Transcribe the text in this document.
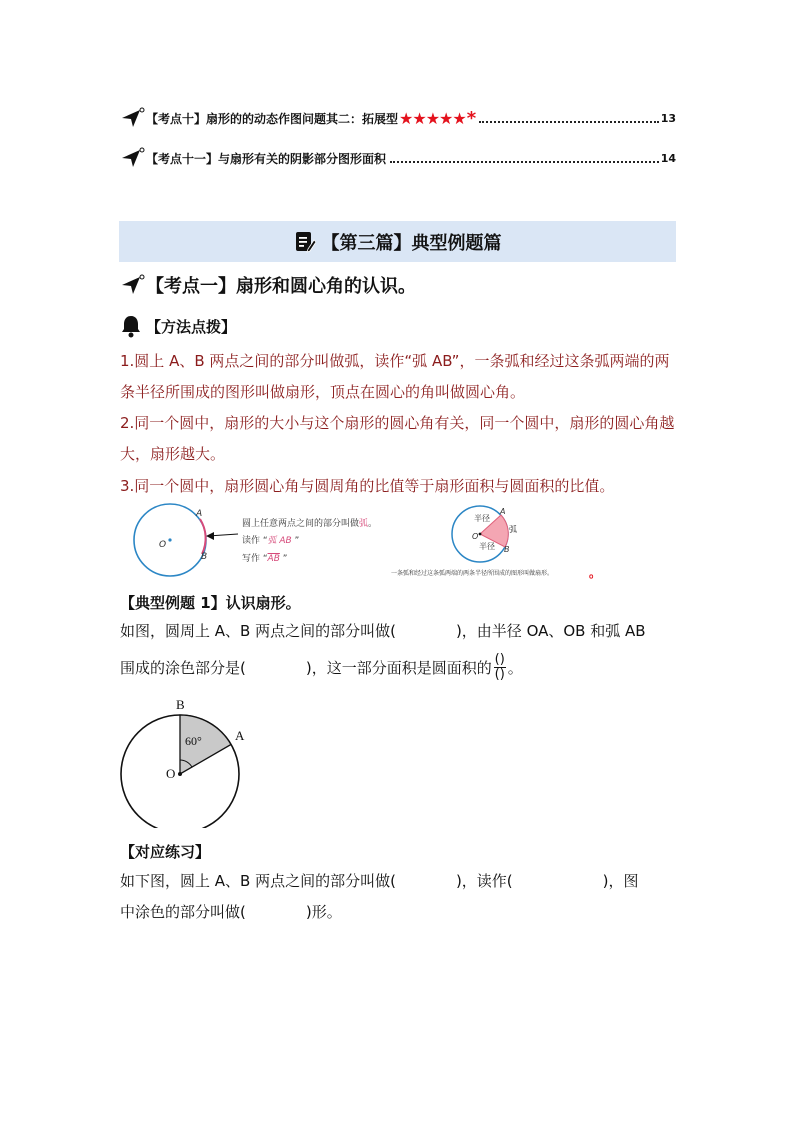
【考点十】扇形的的动态作图问题其二：拓展型 ★★★★★ *	13
【考点十一】与扇形有关的阴影部分图形面积	14
【第三篇】典型例题篇
【考点一】扇形和圆心角的认识。
【方法点拨】
1.圆上 A、B 两点之间的部分叫做弧，读作“弧 AB”，一条弧和经过这条弧两端的两条半径所围成的图形叫做扇形，顶点在圆心的角叫做圆心角。
2.同一个圆中，扇形的大小与这个扇形的圆心角有关，同一个圆中，扇形的圆心角越大，扇形越大。
3.同一个圆中，扇形圆心角与圆周角的比值等于扇形面积与圆面积的比值。
O
A
B
圆上任意两点之间的部分叫做弧。
读作 “弧 AB ”
写作 “$\overline{AB}$ ”
半径
半径
弧
O
A
B
一条弧和经过这条弧两端的两条半径所围成的图形叫做扇形。	。
【典型例题 1】认识扇形。
如图，圆周上 A、B 两点之间的部分叫做(　　　　)，由半径 OA、OB 和弧 AB
围成的涂色部分是(　　　　)，这一部分面积是圆面积的 $\frac{()}{()}$ 。
60°
O
A
B
【对应练习】
如下图，圆上 A、B 两点之间的部分叫做(　　　　)，读作(　　　　　　)，图
中涂色的部分叫做(　　　　)形。
